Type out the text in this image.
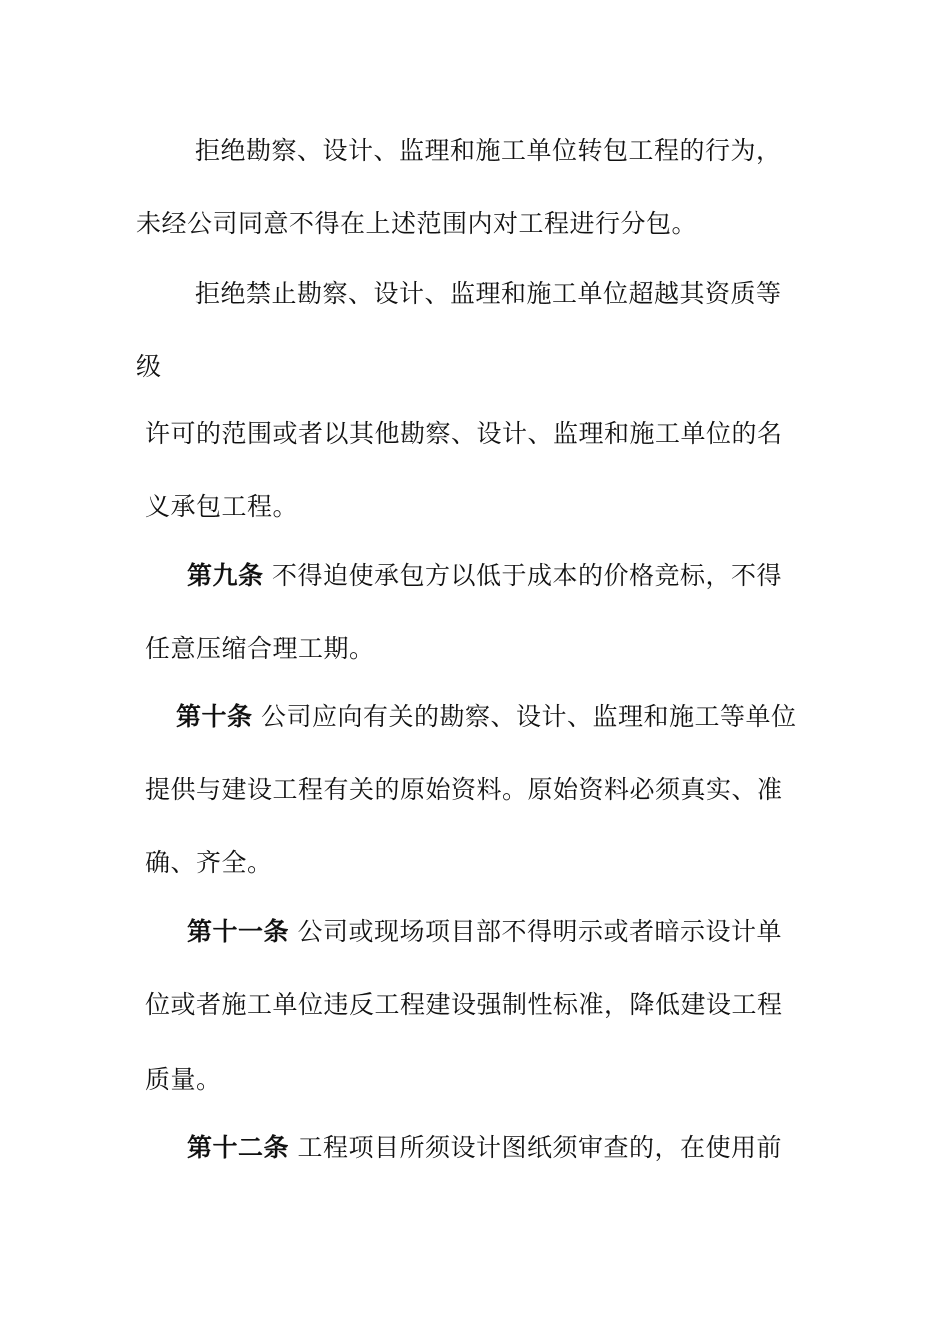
拒绝勘察、设计、监理和施工单位转包工程的行为，
未经公司同意不得在上述范围内对工程进行分包。
拒绝禁止勘察、设计、监理和施工单位超越其资质等
级
许可的范围或者以其他勘察、设计、监理和施工单位的名
义承包工程。
第九条 不得迫使承包方以低于成本的价格竞标，不得
任意压缩合理工期。
第十条 公司应向有关的勘察、设计、监理和施工等单位
提供与建设工程有关的原始资料。原始资料必须真实、准
确、齐全。
第十一条 公司或现场项目部不得明示或者暗示设计单
位或者施工单位违反工程建设强制性标准，降低建设工程
质量。
第十二条 工程项目所须设计图纸须审查的，在使用前
